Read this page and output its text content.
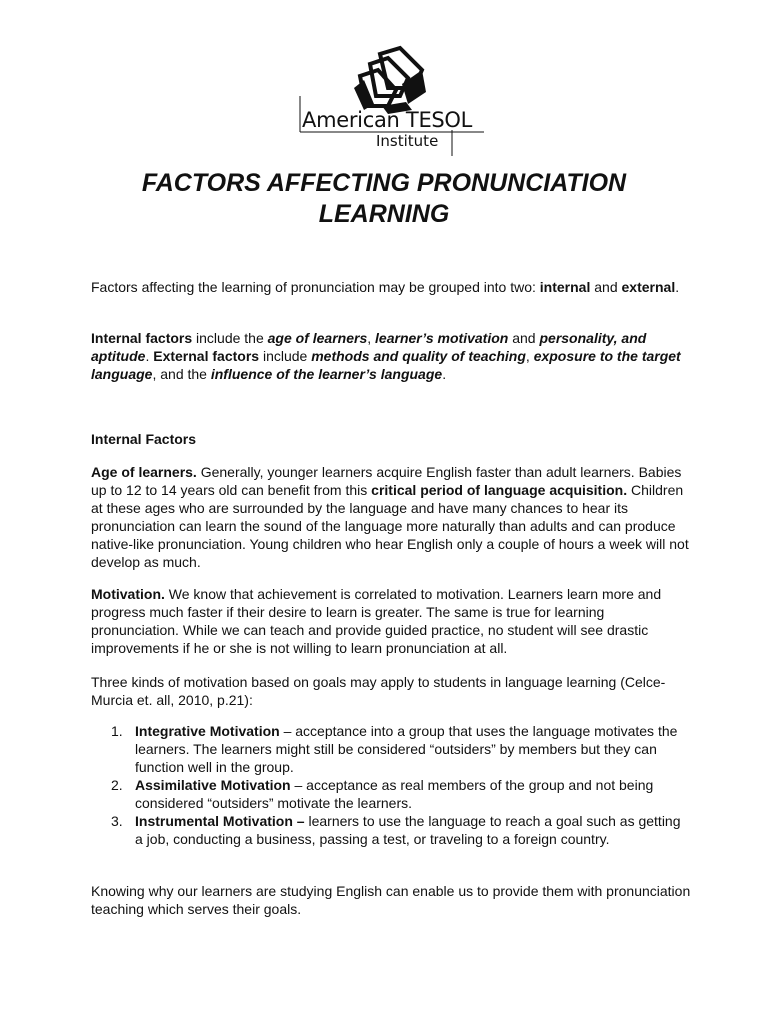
American TESOL
Institute
FACTORS AFFECTING PRONUNCIATION
LEARNING

Factors affecting the learning of pronunciation may be grouped into two: internal and external.

Internal factors include the age of learners, learner’s motivation and personality, and aptitude. External factors include methods and quality of teaching, exposure to the target language, and the influence of the learner’s language.

Internal Factors

Age of learners. Generally, younger learners acquire English faster than adult learners. Babies up to 12 to 14 years old can benefit from this critical period of language acquisition. Children at these ages who are surrounded by the language and have many chances to hear its pronunciation can learn the sound of the language more naturally than adults and can produce native-like pronunciation. Young children who hear English only a couple of hours a week will not develop as much.

Motivation. We know that achievement is correlated to motivation. Learners learn more and progress much faster if their desire to learn is greater. The same is true for learning pronunciation. While we can teach and provide guided practice, no student will see drastic improvements if he or she is not willing to learn pronunciation at all.

Three kinds of motivation based on goals may apply to students in language learning (Celce-Murcia et. all, 2010, p.21):

1. Integrative Motivation – acceptance into a group that uses the language motivates the learners. The learners might still be considered “outsiders” by members but they can function well in the group.
2. Assimilative Motivation – acceptance as real members of the group and not being considered “outsiders” motivate the learners.
3. Instrumental Motivation – learners to use the language to reach a goal such as getting a job, conducting a business, passing a test, or traveling to a foreign country.

Knowing why our learners are studying English can enable us to provide them with pronunciation teaching which serves their goals.
